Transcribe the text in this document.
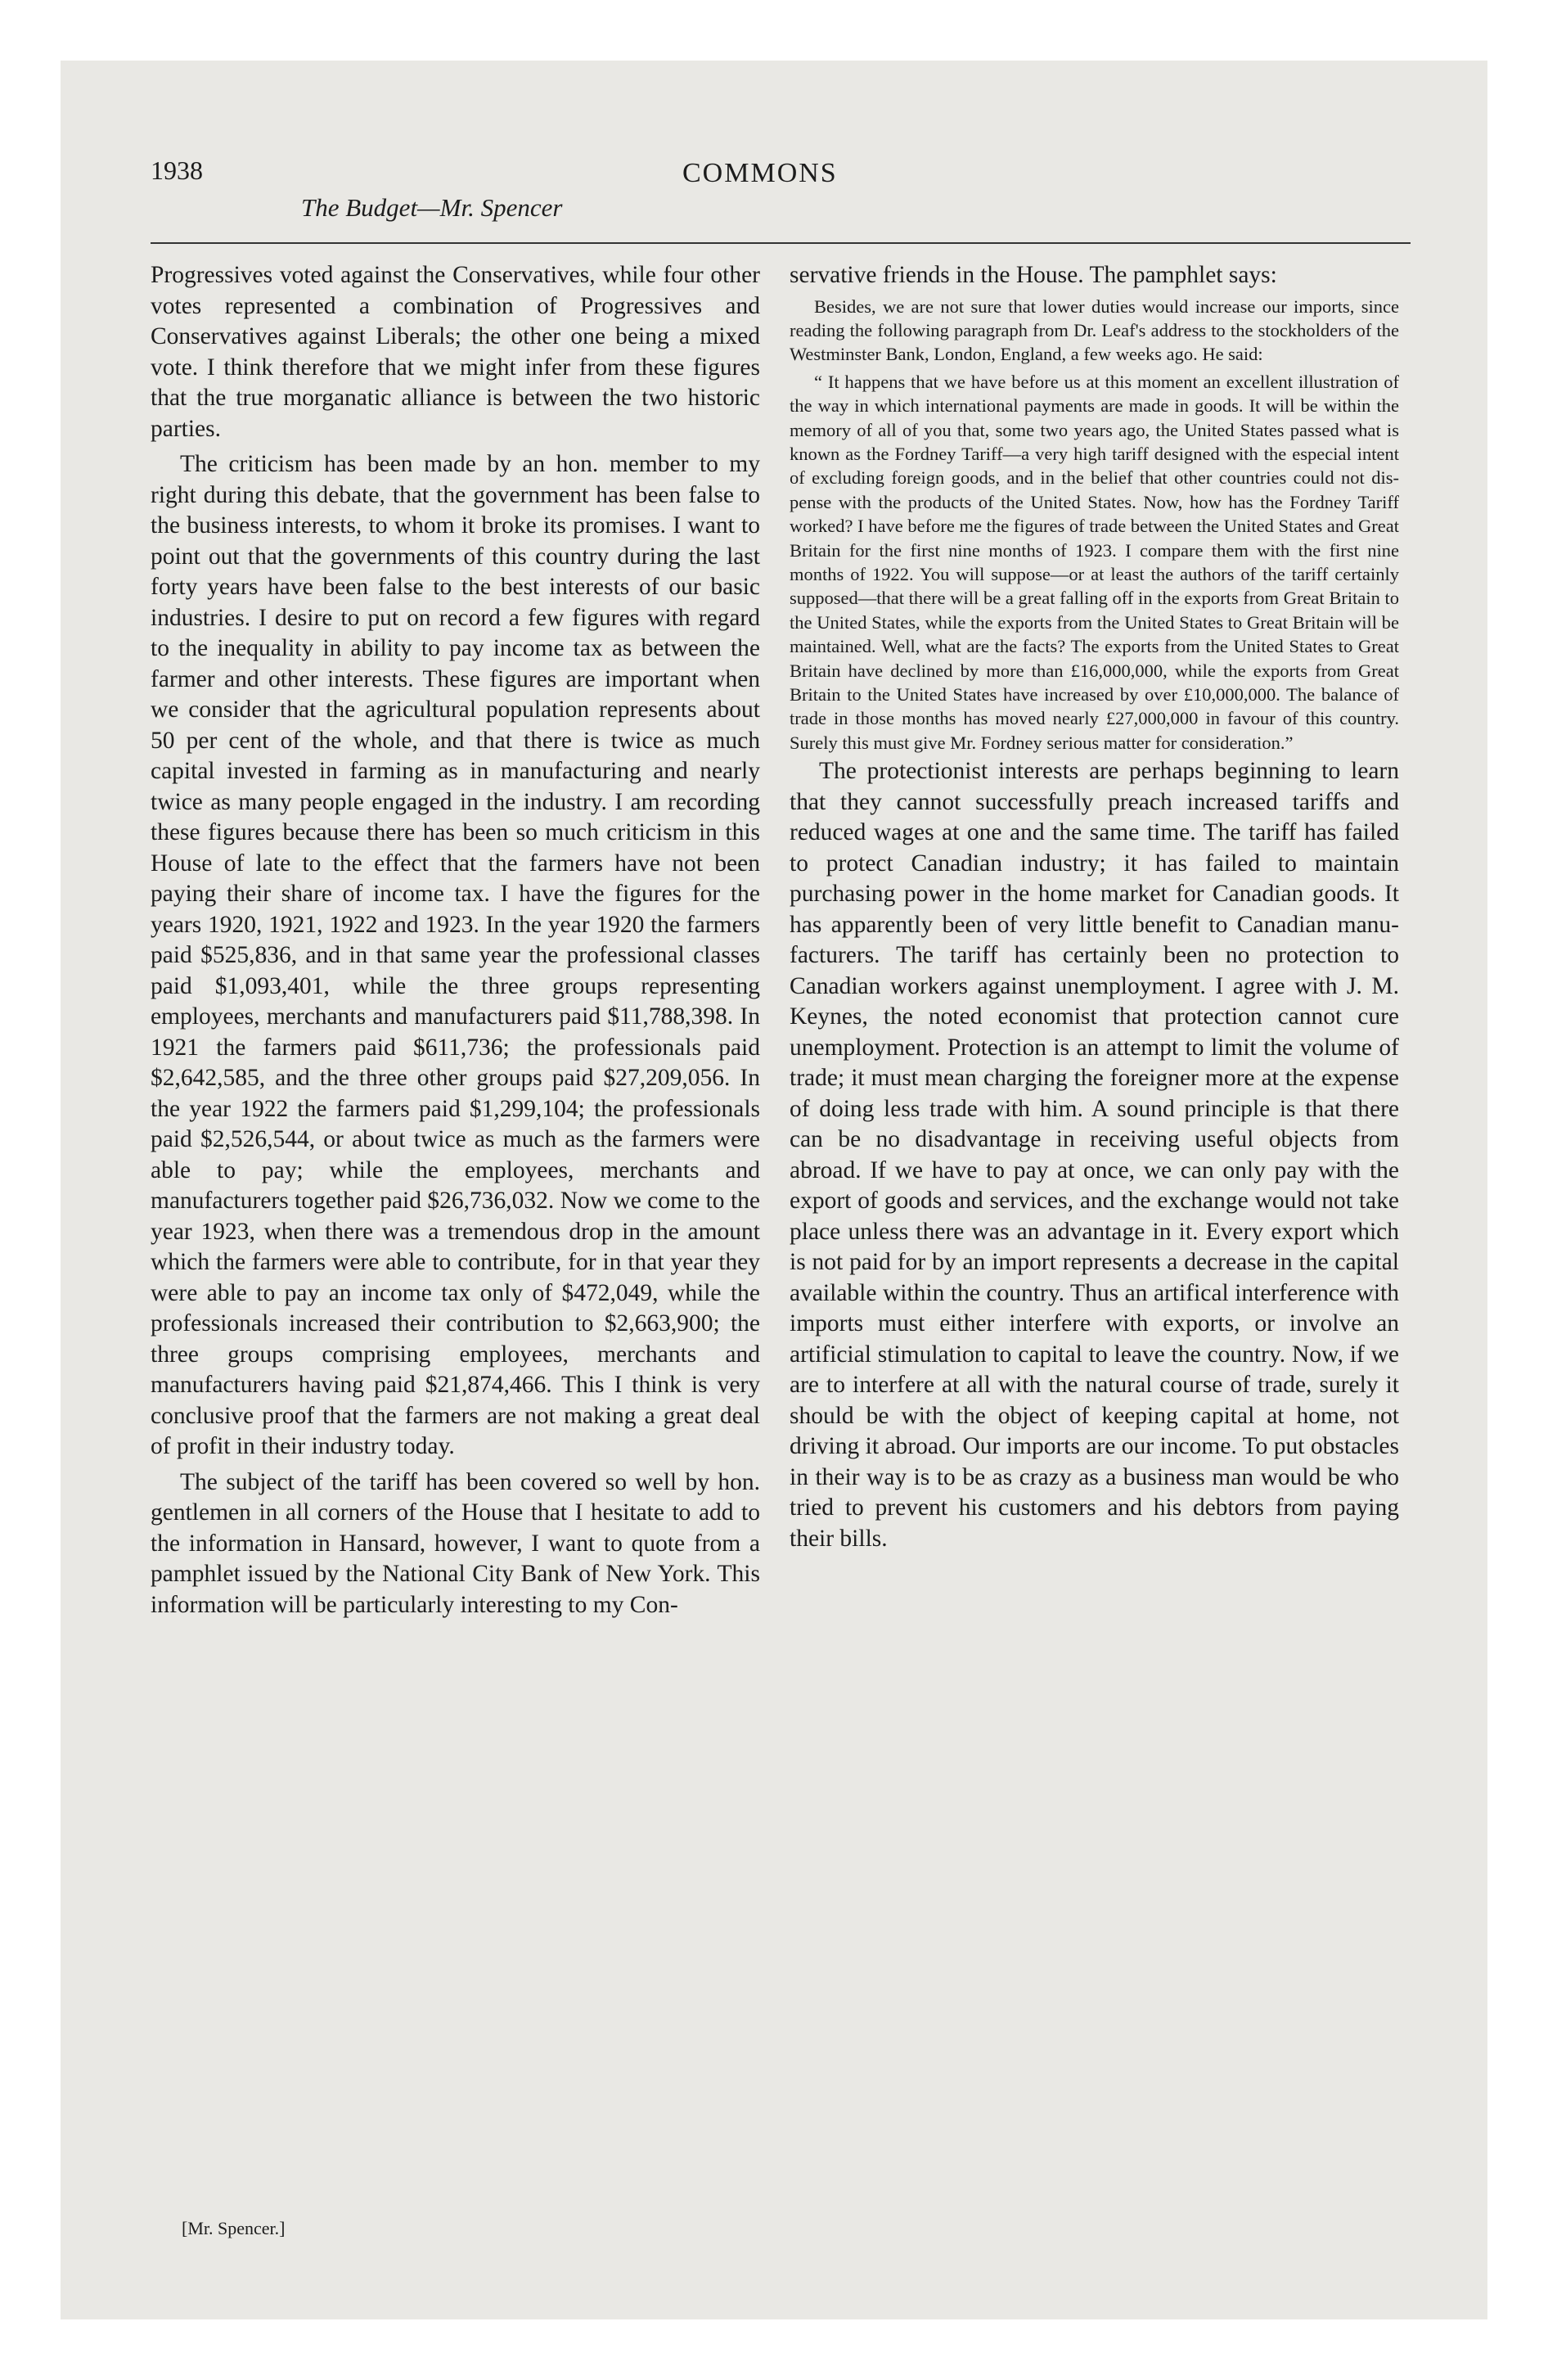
1938
The Budget—Mr. Spencer
COMMONS

Progressives voted against the Conservatives, while four other votes represented a combination of Progressives and Conservatives against Liberals; the other one being a mixed vote. I think therefore that we might infer from these figures that the true morganatic alliance is between the two historic parties.

The criticism has been made by an hon. member to my right during this debate, that the government has been false to the business interests, to whom it broke its promises. I want to point out that the governments of this country during the last forty years have been false to the best interests of our basic industries. I desire to put on record a few figures with regard to the inequality in ability to pay income tax as between the farmer and other interests. These figures are important when we consider that the agricultural population represents about 50 per cent of the whole, and that there is twice as much capital invested in farming as in manufacturing and nearly twice as many people engaged in the industry. I am recording these figures because there has been so much criticism in this House of late to the effect that the farmers have not been paying their share of income tax. I have the figures for the years 1920, 1921, 1922 and 1923. In the year 1920 the farmers paid $525,836, and in that same year the professional classes paid $1,093,401, while the three groups representing employees, merchants and manufacturers paid $11,788,398. In 1921 the farmers paid $611,736; the professionals paid $2,642,585, and the three other groups paid $27,209,056. In the year 1922 the farmers paid $1,299,104; the professionals paid $2,526,544, or about twice as much as the farmers were able to pay; while the employees, merchants and manufacturers together paid $26,736,032. Now we come to the year 1923, when there was a tremendous drop in the amount which the farmers were able to contribute, for in that year they were able to pay an income tax only of $472,049, while the professionals increased their contribution to $2,663,900; the three groups comprising employees, merchants and manufacturers having paid $21,874,466. This I think is very conclusive proof that the farmers are not making a great deal of profit in their industry today.

The subject of the tariff has been covered so well by hon. gentlemen in all corners of the House that I hesitate to add to the information in Hansard, however, I want to quote from a pamphlet issued by the National City Bank of New York. This information will be particularly interesting to my Con-

servative friends in the House. The pamphlet says:

Besides, we are not sure that lower duties would increase our imports, since reading the following paragraph from Dr. Leaf's address to the stockholders of the Westminster Bank, London, England, a few weeks ago. He said:

“ It happens that we have before us at this moment an excellent illustration of the way in which international payments are made in goods. It will be within the memory of all of you that, some two years ago, the United States passed what is known as the Fordney Tariff—a very high tariff designed with the especial intent of excluding foreign goods, and in the belief that other countries could not dispense with the products of the United States. Now, how has the Fordney Tariff worked? I have before me the figures of trade between the United States and Great Britain for the first nine months of 1923. I compare them with the first nine months of 1922. You will suppose—or at least the authors of the tariff certainly supposed—that there will be a great falling off in the exports from Great Britain to the United States, while the exports from the United States to Great Britain will be maintained. Well, what are the facts? The exports from the United States to Great Britain have declined by more than £16,000,000, while the exports from Great Britain to the United States have increased by over £10,000,000. The balance of trade in those months has moved nearly £27,000,000 in favour of this country. Surely this must give Mr. Fordney serious matter for consideration.”

The protectionist interests are perhaps beginning to learn that they cannot successfully preach increased tariffs and reduced wages at one and the same time. The tariff has failed to protect Canadian industry; it has failed to maintain purchasing power in the home market for Canadian goods. It has apparently been of very little benefit to Canadian manufacturers. The tariff has certainly been no protection to Canadian workers against unemployment. I agree with J. M. Keynes, the noted economist that protection cannot cure unemployment. Protection is an attempt to limit the volume of trade; it must mean charging the foreigner more at the expense of doing less trade with him. A sound principle is that there can be no disadvantage in receiving useful objects from abroad. If we have to pay at once, we can only pay with the export of goods and services, and the exchange would not take place unless there was an advantage in it. Every export which is not paid for by an import represents a decrease in the capital available within the country. Thus an artifical interference with imports must either interfere with exports, or involve an artificial stimulation to capital to leave the country. Now, if we are to interfere at all with the natural course of trade, surely it should be with the object of keeping capital at home, not driving it abroad. Our imports are our income. To put obstacles in their way is to be as crazy as a business man would be who tried to prevent his customers and his debtors from paying their bills.

[Mr. Spencer.]
